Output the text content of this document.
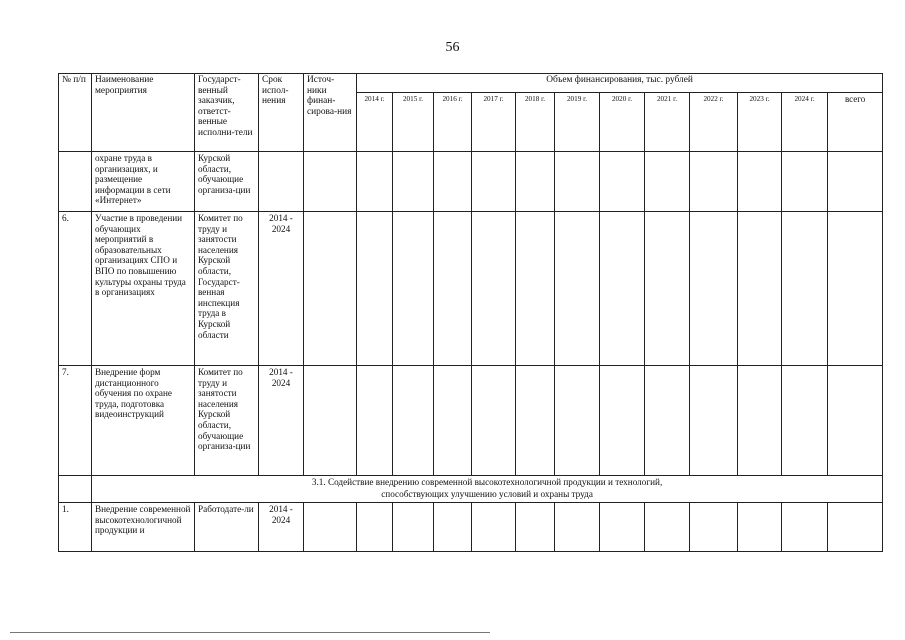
56
№ п/п	Наименование мероприятия	Государст-венный заказчик, ответст-венные исполни-тели	Срок испол-нения	Источ-ники финан-сирова-ния	Объем финансирования, тыс. рублей											
					2014 г.	2015 г.	2016 г.	2017 г.	2018 г.	2019 г.	2020 г.	2021 г.	2022 г.	2023 г.	2024 г.	всего
	охране труда в организациях, и размещение информации в сети «Интернет»	Курской области, обучающие организа-ции														
6.	Участие в проведении обучающих мероприятий в образовательных организациях СПО и ВПО по повышению культуры охраны труда в организациях	Комитет по труду и занятости населения Курской области, Государст-венная инспекция труда в Курской области	2014 - 2024													
7.	Внедрение форм дистанционного обучения по охране труда, подготовка видеоинструкций	Комитет по труду и занятости населения Курской области, обучающие организа-ции	2014 - 2024													

	3.1. Содействие внедрению современной высокотехнологичной продукции и технологий,
способствующих улучшению условий и охраны труда															

1.	Внедрение современной высокотехнологичной продукции и	Работодате-ли	2014 - 2024													
